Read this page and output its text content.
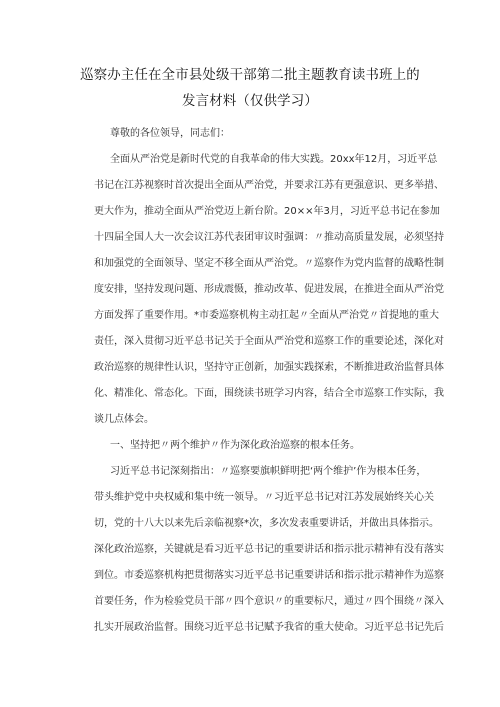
巡察办主任在全市县处级干部第二批主题教育读书班上的
发言材料（仅供学习）
尊敬的各位领导，同志们：
全面从严治党是新时代党的自我革命的伟大实践。20xx年12月，习近平总
书记在江苏视察时首次提出全面从严治党，并要求江苏有更强意识、更多举措、
更大作为，推动全面从严治党迈上新台阶。20××年3月，习近平总书记在参加
十四届全国人大一次会议江苏代表团审议时强调：〃推动高质量发展，必须坚持
和加强党的全面领导、坚定不移全面从严治党。〃巡察作为党内监督的战略性制
度安排，坚持发现问题、形成震慑，推动改革、促进发展，在推进全面从严治党
方面发挥了重要作用。*市委巡察机构主动扛起〃全面从严治党〃首提地的重大
责任，深入贯彻习近平总书记关于全面从严治党和巡察工作的重要论述，深化对
政治巡察的规律性认识，坚持守正创新，加强实践探索，不断推进政治监督具体
化、精准化、常态化。下面，围绕读书班学习内容，结合全市巡察工作实际，我
谈几点体会。
一、坚持把〃两个维护〃作为深化政治巡察的根本任务。
习近平总书记深刻指出：〃巡察要旗帜鲜明把‘两个维护’作为根本任务，
带头维护党中央权威和集中统一领导。〃习近平总书记对江苏发展始终关心关
切，党的十八大以来先后亲临视察*次，多次发表重要讲话，并做出具体指示。
深化政治巡察，关键就是看习近平总书记的重要讲话和指示批示精神有没有落实
到位。市委巡察机构把贯彻落实习近平总书记重要讲话和指示批示精神作为巡察
首要任务，作为检验党员干部〃四个意识〃的重要标尺，通过〃四个围绕〃深入
扎实开展政治监督。围绕习近平总书记赋予我省的重大使命。习近平总书记先后
